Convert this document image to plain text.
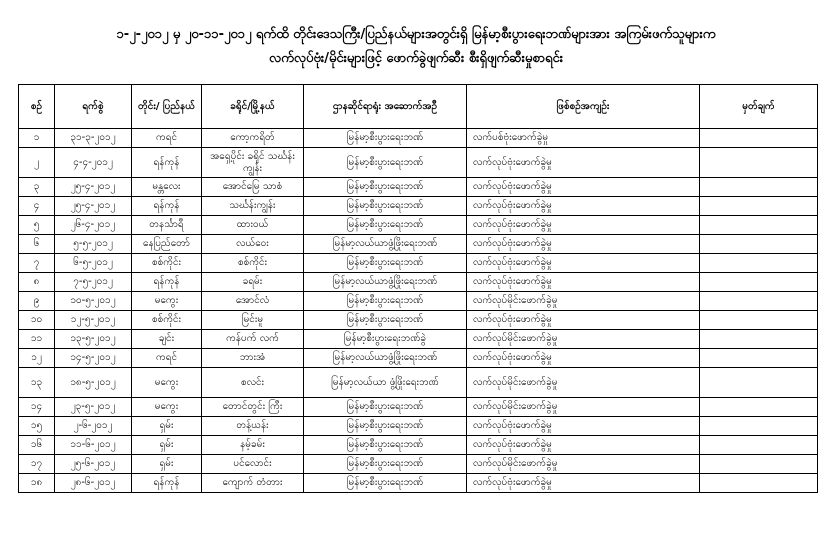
၁-၂-၂၀၁၂ မှ ၂၀-၁၁-၂၀၁၂ ရက်ထိ တိုင်းဒေသကြီး/ပြည်နယ်များအတွင်းရှိ မြန်မာ့စီးပွားရေးဘဏ်များအား အကြမ်းဖက်သူများက
လက်လုပ်ဗုံး/မိုင်းများဖြင့် ဖောက်ခွဲဖျက်ဆီး စီးရှိဖျက်ဆီးမှုစာရင်း
စဉ်	ရက်စွဲ	တိုင်း/ ပြည်နယ်	ခရိုင်/မြို့နယ်	ဌာနဆိုင်ရာရုံး အဆောက်အဦ	ဖြစ်စဉ်အကျဉ်း	မှတ်ချက်
၁	၃၁-၃-၂၀၁၂	ကရင်	ကော့ကရိတ်	မြန်မာ့စီးပွားရေးဘဏ်	လက်ပစ်ဗုံးဖောက်ခွဲမှု	
၂	၄-၄-၂၀၁၂	ရန်ကုန်	အရှေ့ပိုင်း ခရိုင် သင်္ဃန်းကျွန်း	မြန်မာ့စီးပွားရေးဘဏ်	လက်လုပ်ဗုံးဖောက်ခွဲမှု	
၃	၂၅-၄-၂၀၁၂	မန္တလေး	အောင်မြေ သာစံ	မြန်မာ့စီးပွားရေးဘဏ်	လက်လုပ်ဗုံးဖောက်ခွဲမှု	
၄	၂၅-၄-၂၀၁၂	ရန်ကုန်	သင်္ဃန်းကျွန်း	မြန်မာ့စီးပွားရေးဘဏ်	လက်လုပ်ဗုံးဖောက်ခွဲမှု	
၅	၂၆-၄-၂၀၁၂	တနင်္သာရီ	ထားဝယ်	မြန်မာ့စီးပွားရေးဘဏ်	လက်လုပ်ဗုံးဖောက်ခွဲမှု	
၆	၅-၅-၂၀၁၂	နေပြည်တော်	လယ်ဝေး	မြန်မာ့လယ်ယာဖွံ့ဖြိုးရေးဘဏ်	လက်လုပ်ဗုံးဖောက်ခွဲမှု	
၇	၆-၅-၂၀၁၂	စစ်ကိုင်း	စစ်ကိုင်း	မြန်မာ့စီးပွားရေးဘဏ်	လက်လုပ်ဗုံးဖောက်ခွဲမှု	
၈	၇-၅-၂၀၁၂	ရန်ကုန်	ခရမ်း	မြန်မာ့လယ်ယာဖွံ့ဖြိုးရေးဘဏ်	လက်လုပ်ဗုံးဖောက်ခွဲမှု	
၉	၁၀-၅-၂၀၁၂	မကွေး	အောင်လံ	မြန်မာ့စီးပွားရေးဘဏ်	လက်လုပ်မိုင်းဖောက်ခွဲမှု	
၁၀	၁၂-၅-၂၀၁၂	စစ်ကိုင်း	မြင်းမူ	မြန်မာ့စီးပွားရေးဘဏ်	လက်လုပ်ဗုံးဖောက်ခွဲမှု	
၁၁	၁၃-၅-၂၀၁၂	ချင်း	ကန်ပက် လက်	မြန်မာ့စီးပွားရေးဘဏ်ခွဲ	လက်လုပ်မိုင်းဖောက်ခွဲမှု	
၁၂	၁၄-၅-၂၀၁၂	ကရင်	ဘားအံ	မြန်မာ့လယ်ယာဖွံ့ဖြိုးရေးဘဏ်	လက်လုပ်ဗုံးဖောက်ခွဲမှု	
၁၃	၁၈-၅-၂၀၁၂	မကွေး	စလင်း	မြန်မာ့လယ်ယာ ဖွံ့ဖြိုးရေးဘဏ်	လက်လုပ်မိုင်းဖောက်ခွဲမှု	
၁၄	၂၃-၅-၂၀၁၂	မကွေး	တောင်တွင်း ကြီး	မြန်မာ့စီးပွားရေးဘဏ်	လက်လုပ်မိုင်းဖောက်ခွဲမှု	
၁၅	၂-၆-၂၀၁၂	ရှမ်း	တန့်ယန်း	မြန်မာ့စီးပွားရေးဘဏ်	လက်လုပ်ဗုံးဖောက်ခွဲမှု	
၁၆	၁၁-၆-၂၀၁၂	ရှမ်း	နမ့်ခမ်း	မြန်မာ့စီးပွားရေးဘဏ်	လက်လုပ်ဗုံးဖောက်ခွဲမှု	
၁၇	၂၅-၆-၂၀၁၂	ရှမ်း	ပင်လောင်း	မြန်မာ့စီးပွားရေးဘဏ်	လက်လုပ်မိုင်းဖောက်ခွဲမှု	
၁၈	၂၈-၆-၂၀၁၂	ရန်ကုန်	ကျောက် တံတား	မြန်မာ့စီးပွားရေးဘဏ်	လက်လုပ်ဗုံးဖောက်ခွဲမှု	
